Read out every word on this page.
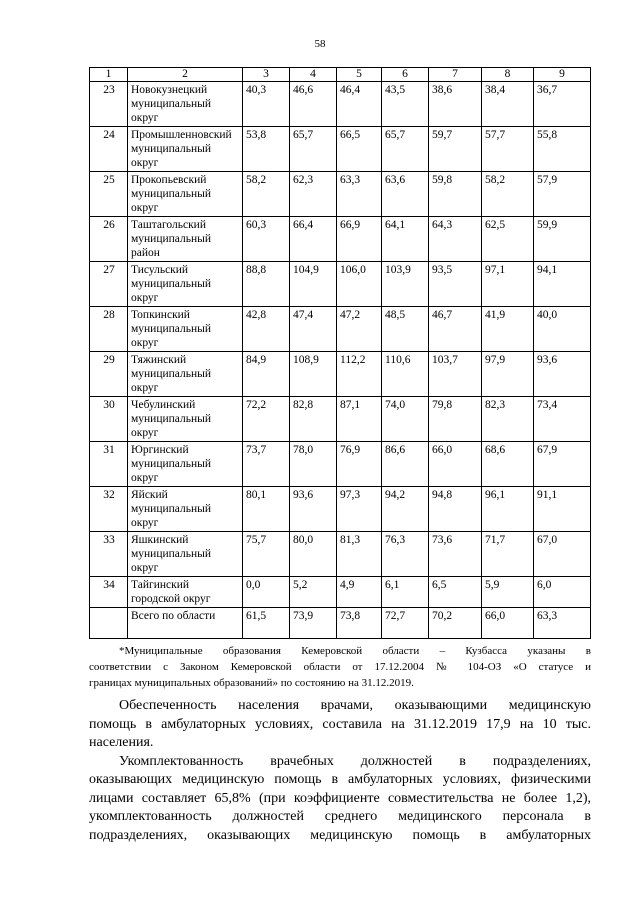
58
1	2	3	4	5	6	7	8	9
23	Новокузнецкий
муниципальный
округ	40,3	46,6	46,4	43,5	38,6	38,4	36,7
24	Промышленновский
муниципальный
округ	53,8	65,7	66,5	65,7	59,7	57,7	55,8
25	Прокопьевский
муниципальный
округ	58,2	62,3	63,3	63,6	59,8	58,2	57,9
26	Таштагольский
муниципальный
район	60,3	66,4	66,9	64,1	64,3	62,5	59,9
27	Тисульский
муниципальный
округ	88,8	104,9	106,0	103,9	93,5	97,1	94,1
28	Топкинский
муниципальный
округ	42,8	47,4	47,2	48,5	46,7	41,9	40,0
29	Тяжинский
муниципальный
округ	84,9	108,9	112,2	110,6	103,7	97,9	93,6
30	Чебулинский
муниципальный
округ	72,2	82,8	87,1	74,0	79,8	82,3	73,4
31	Юргинский
муниципальный
округ	73,7	78,0	76,9	86,6	66,0	68,6	67,9
32	Яйский
муниципальный
округ	80,1	93,6	97,3	94,2	94,8	96,1	91,1
33	Яшкинский
муниципальный
округ	75,7	80,0	81,3	76,3	73,6	71,7	67,0
34	Тайгинский
городской округ	0,0	5,2	4,9	6,1	6,5	5,9	6,0
	Всего по области	61,5	73,9	73,8	72,7	70,2	66,0	63,3
*Муниципальные образования Кемеровской области – Кузбасса указаны в
соответствии с Законом Кемеровской области от 17.12.2004 № 104-ОЗ «О статусе и
границах муниципальных образований» по состоянию на 31.12.2019.
Обеспеченность населения врачами, оказывающими медицинскую
помощь в амбулаторных условиях, составила на 31.12.2019 17,9 на 10 тыс.
населения.
Укомплектованность врачебных должностей в подразделениях,
оказывающих медицинскую помощь в амбулаторных условиях, физическими
лицами составляет 65,8% (при коэффициенте совместительства не более 1,2),
укомплектованность должностей среднего медицинского персонала в
подразделениях, оказывающих медицинскую помощь в амбулаторных
